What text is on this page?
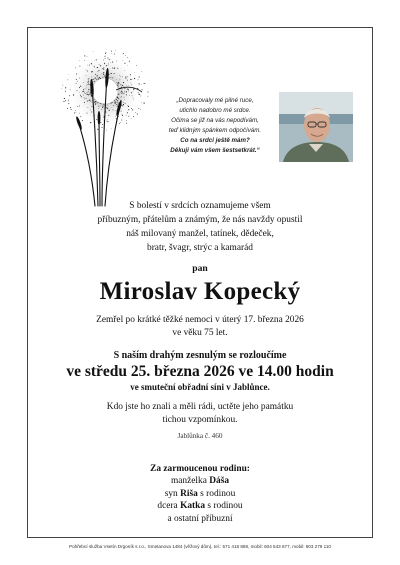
„Dopracovaly mé pilné ruce,
utichlo nadobro mé srdce.
Očima se již na vás nepodívám,
teď klidným spánkem odpočívám.
Co na srdci ještě mám?
Děkuji vám všem šestsetkrát.“
S bolestí v srdcích oznamujeme všem
příbuzným, přátelům a známým, že nás navždy opustil
náš milovaný manžel, tatínek, dědeček,
bratr, švagr, strýc a kamarád
pan
Miroslav Kopecký
Zemřel po krátké těžké nemoci v úterý 17. března 2026
ve věku 75 let.
S naším drahým zesnulým se rozloučíme
ve středu 25. března 2026 ve 14.00 hodin
ve smuteční obřadní síni v Jablůnce.
Kdo jste ho znali a měli rádi, uctěte jeho památku
tichou vzpomínkou.
Jablůnka č. 460
Za zarmoucenou rodinu:
manželka Dáša
syn Riša s rodinou
dcera Katka s rodinou
a ostatní příbuzní
Pohřební služba Vsetín Drgoník s.r.o., Smetanova 1484 (věžový dům), tel.: 571 418 888, mobil: 604 543 677, mobil: 603 279 110
